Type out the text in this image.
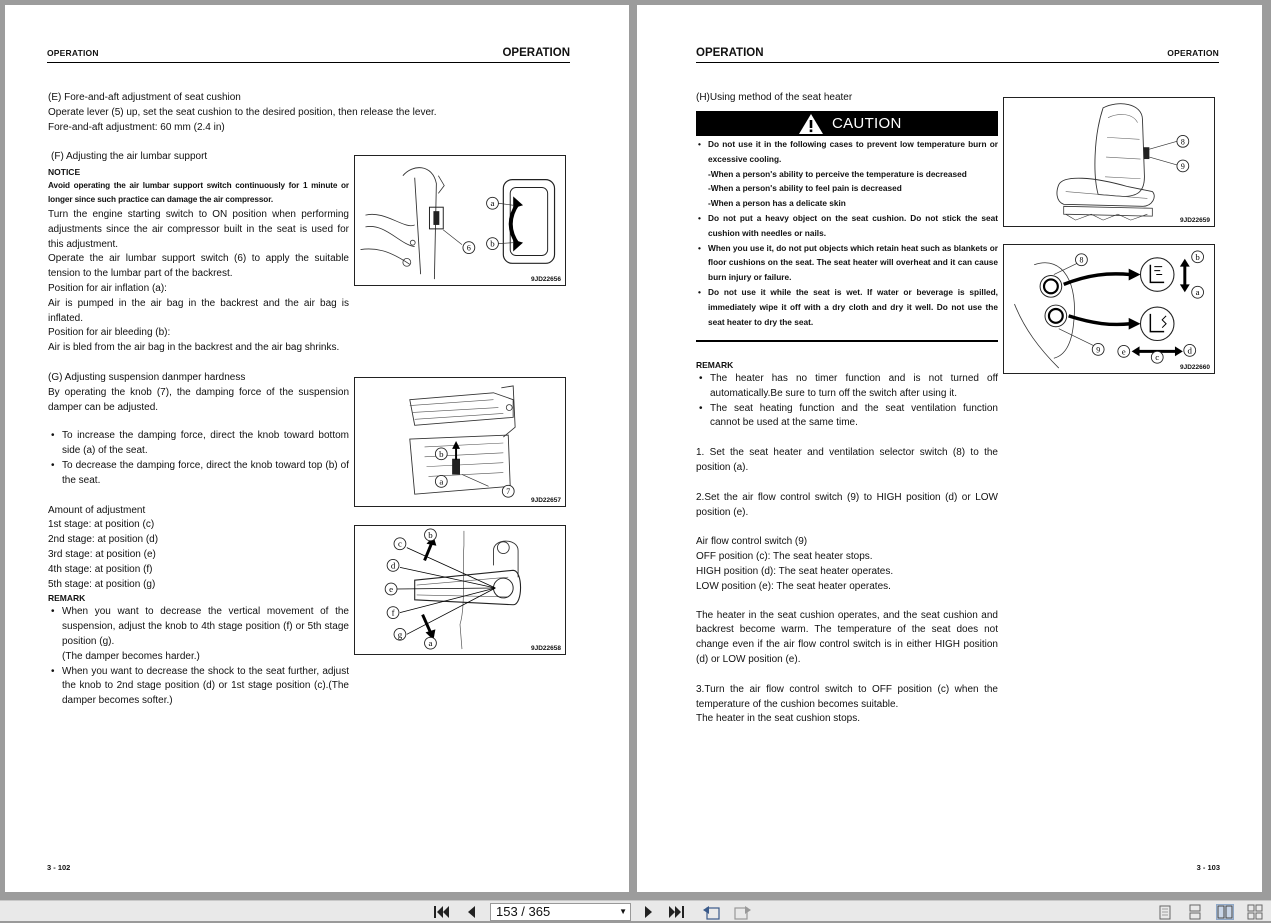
OPERATION	OPERATION

(E) Fore-and-aft adjustment of seat cushion

Operate lever (5) up, set the seat cushion to the desired position, then release the lever.

Fore-and-aft adjustment: 60 mm (2.4 in)

(F) Adjusting the air lumbar support

NOTICE

Avoid operating the air lumbar support switch continuously for 1 minute or longer since such practice can damage the air compressor.

Turn the engine starting switch to ON position when performing adjustments since the air compressor built in the seat is used for this adjustment.

Operate the air lumbar support switch (6) to apply the suitable tension to the lumbar part of the backrest.

Position for air inflation (a):

Air is pumped in the air bag in the backrest and the air bag is inflated.

Position for air bleeding (b):

Air is bled from the air bag in the backrest and the air bag shrinks.

a
b
6
9JD22656

(G) Adjusting suspension danmper hardness

By operating the knob (7), the damping force of the suspension damper can be adjusted.

• To increase the damping force, direct the knob toward bottom side (a) of the seat.
• To decrease the damping force, direct the knob toward top (b) of the seat.

Amount of adjustment

1st stage: at position (c)

2nd stage: at position (d)

3rd stage: at position (e)

4th stage: at position (f)

5th stage: at position (g)

REMARK

• When you want to decrease the vertical movement of the suspension, adjust the knob to 4th stage position (f) or 5th stage position (g).
(The damper becomes harder.)
• When you want to decrease the shock to the seat further, adjust the knob to 2nd stage position (d) or 1st stage position (c).(The damper becomes softer.)
b
a
7
9JD22657
c
b
d
e
f
g
a
9JD22658
3 - 102
OPERATION	OPERATION
(H)Using method of the seat heater
CAUTION
• Do not use it in the following cases to prevent low temperature burn or excessive cooling.
-When a person's ability to perceive the temperature is decreased
-When a person's ability to feel pain is decreased
-When a person has a delicate skin
• Do not put a heavy object on the seat cushion. Do not stick the seat cushion with needles or nails.
• When you use it, do not put objects which retain heat such as blankets or floor cushions on the seat. The seat heater will overheat and it can cause burn injury or failure.
• Do not use it while the seat is wet. If water or beverage is spilled, immediately wipe it off with a dry cloth and dry it well. Do not use the seat heater to dry the seat.

REMARK

• The heater has no timer function and is not turned off automatically.Be sure to turn off the switch after using it.
• The seat heating function and the seat ventilation function cannot be used at the same time.

1. Set the seat heater and ventilation selector switch (8) to the position (a).

2.Set the air flow control switch (9) to HIGH position (d) or LOW position (e).

Air flow control switch (9)

OFF position (c): The seat heater stops.

HIGH position (d): The seat heater operates.

LOW position (e): The seat heater operates.

The heater in the seat cushion operates, and the seat cushion and backrest become warm. The temperature of the seat does not change even if the air flow control switch is in either HIGH position (d) or LOW position (e).

3.Turn the air flow control switch to OFF position (c) when the temperature of the cushion becomes suitable.

The heater in the seat cushion stops.

8
9
9JD22659
8
9
b
a
e
c
d
9JD22660
3 - 103
153 / 365	▼
